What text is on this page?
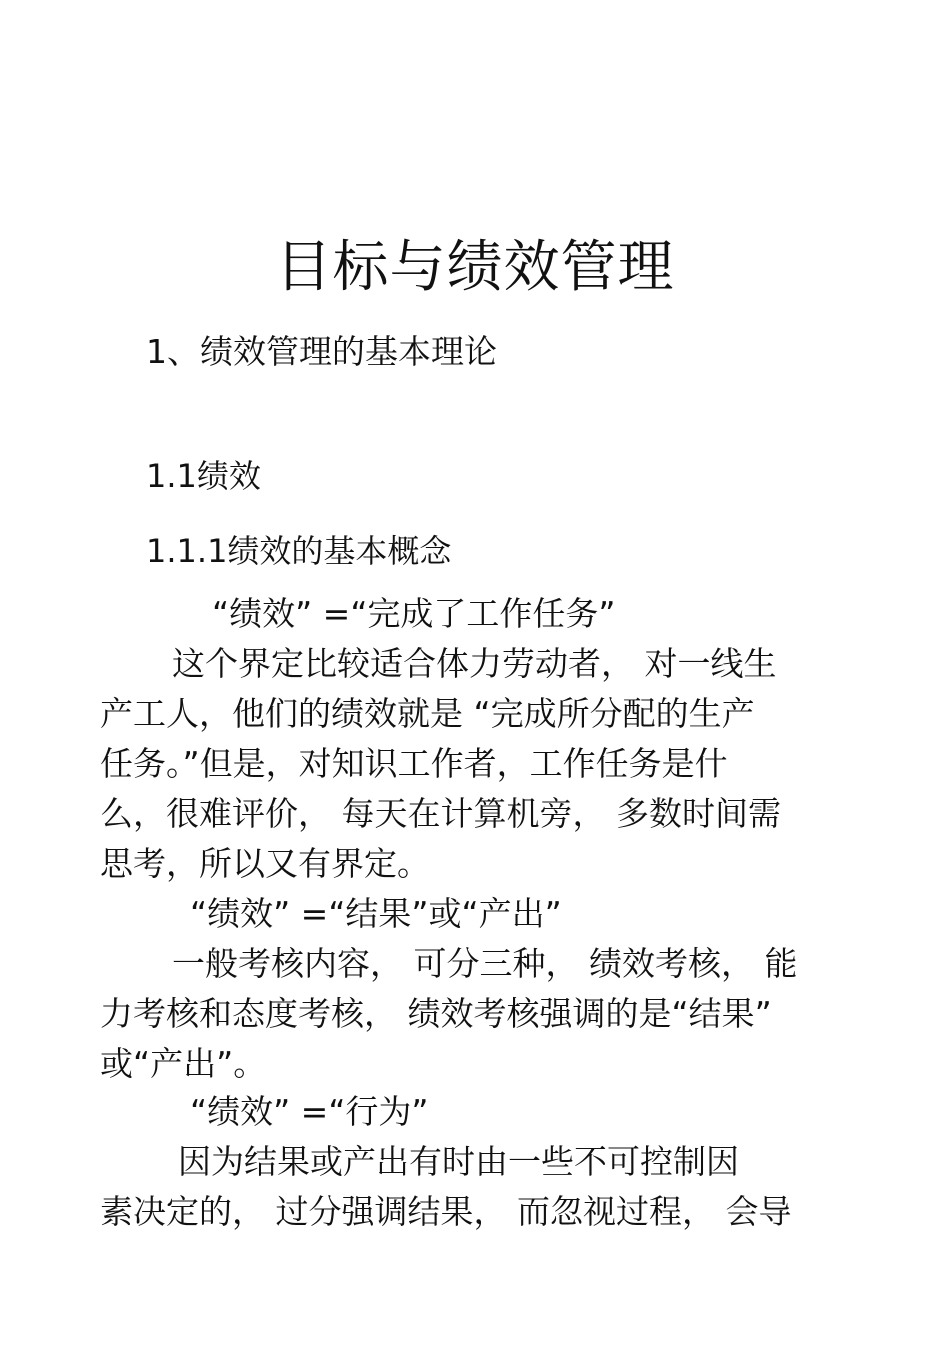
目标与绩效管理
1、绩效管理的基本理论
1.1绩效
1.1.1绩效的基本概念
“绩效” =“完成了工作任务”
这个界定比较适合体力劳动者， 对一线生
产工人，他们的绩效就是 “完成所分配的生产
任务。”但是，对知识工作者，工作任务是什
么，很难评价， 每天在计算机旁， 多数时间需
思考，所以又有界定。
“绩效” =“结果”或“产出”
一般考核内容， 可分三种， 绩效考核， 能
力考核和态度考核， 绩效考核强调的是“结果”
或“产出”。
“绩效” =“行为”
因为结果或产出有时由一些不可控制因
素决定的， 过分强调结果， 而忽视过程， 会导
